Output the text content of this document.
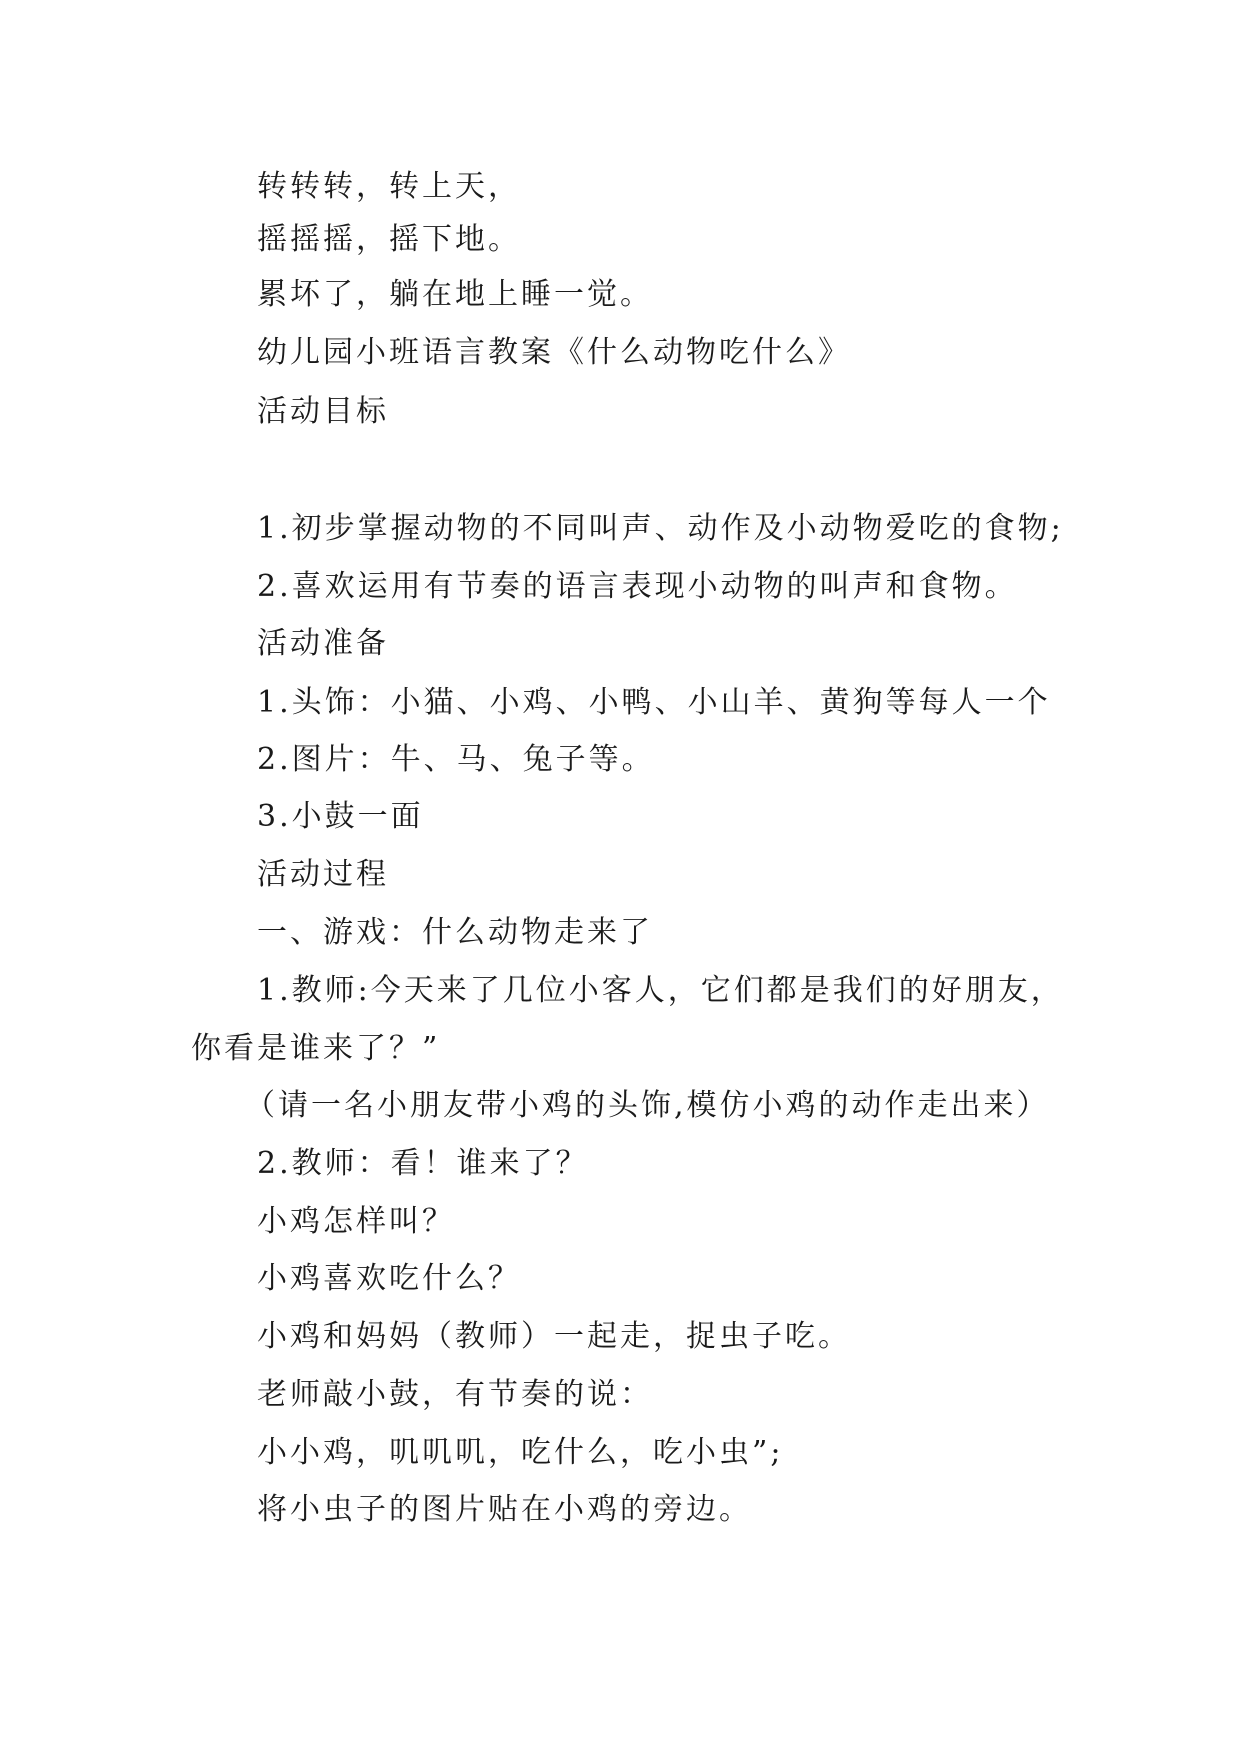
转转转，转上天，
摇摇摇，摇下地。
累坏了，躺在地上睡一觉。
幼儿园小班语言教案《什么动物吃什么》
活动目标
1.初步掌握动物的不同叫声、动作及小动物爱吃的食物;
2.喜欢运用有节奏的语言表现小动物的叫声和食物。
活动准备
1.头饰：小猫、小鸡、小鸭、小山羊、黄狗等每人一个
2.图片：牛、马、兔子等。
3.小鼓一面
活动过程
一、游戏：什么动物走来了
1.教师:今天来了几位小客人，它们都是我们的好朋友，
你看是谁来了？”
（请一名小朋友带小鸡的头饰,模仿小鸡的动作走出来）
2.教师：看！谁来了？
小鸡怎样叫？
小鸡喜欢吃什么？
小鸡和妈妈（教师）一起走，捉虫子吃。
老师敲小鼓，有节奏的说：
小小鸡，叽叽叽，吃什么，吃小虫”;
将小虫子的图片贴在小鸡的旁边。
